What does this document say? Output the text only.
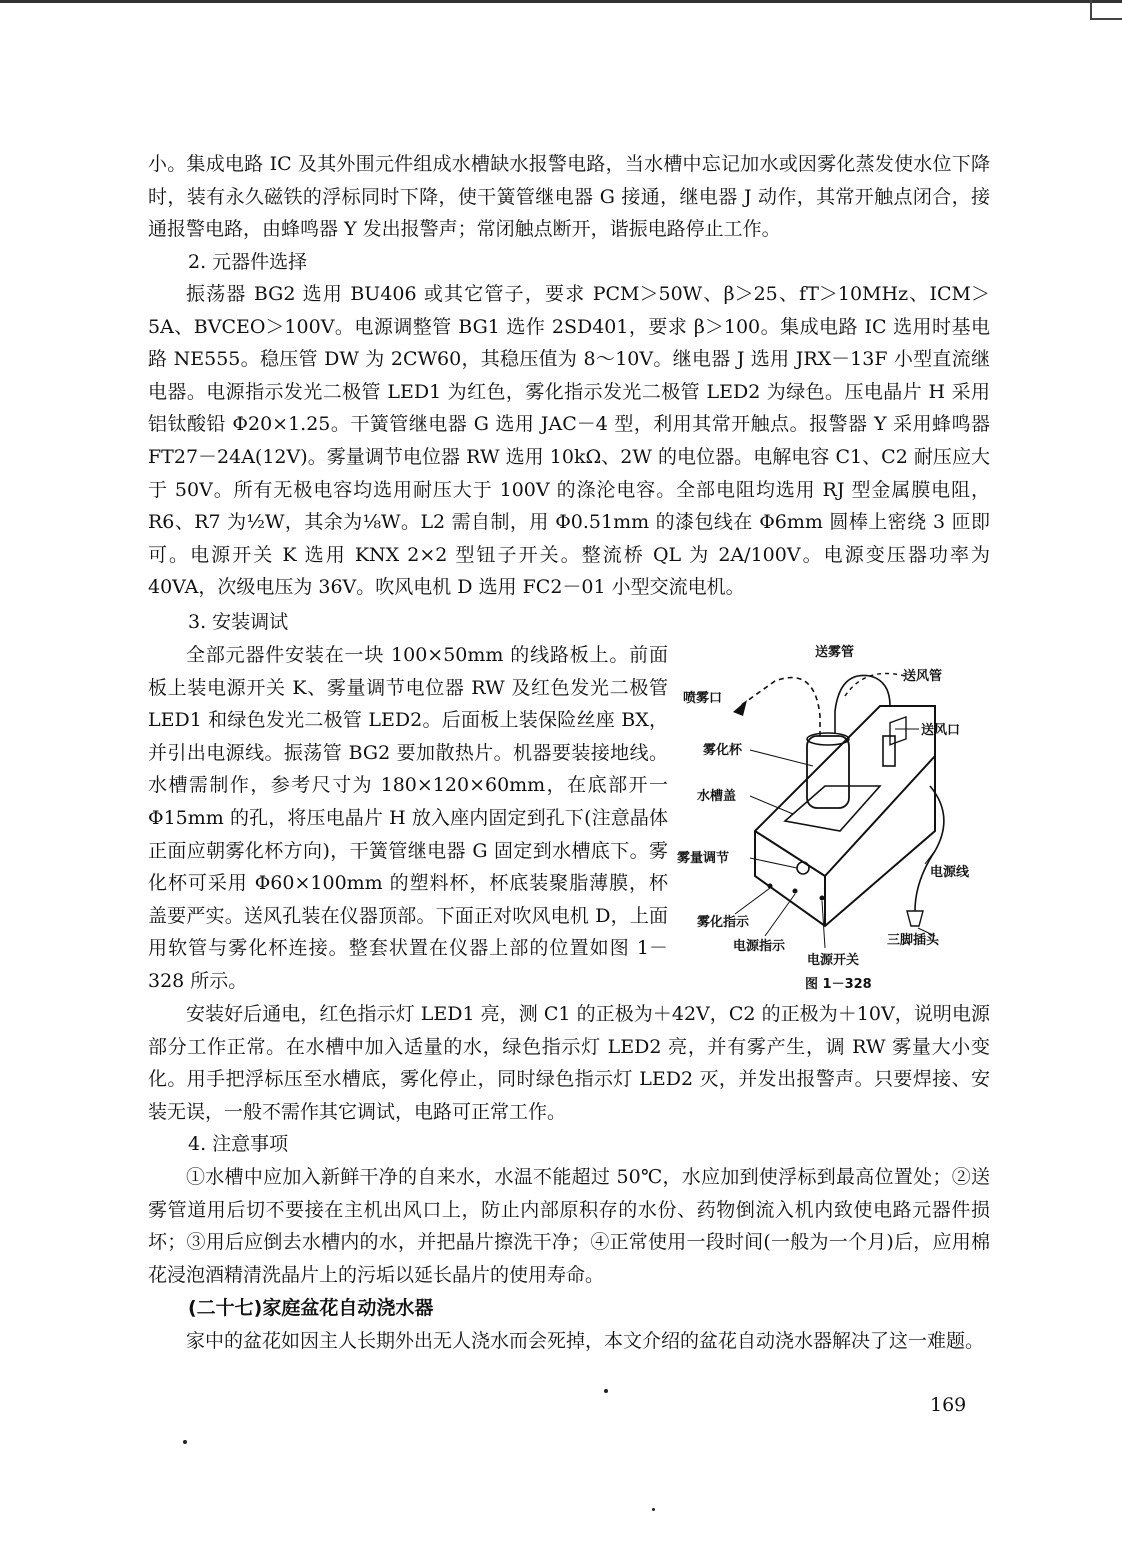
小。集成电路 IC 及其外围元件组成水槽缺水报警电路，当水槽中忘记加水或因雾化蒸发使水位下降时，装有永久磁铁的浮标同时下降，使干簧管继电器 G 接通，继电器 J 动作，其常开触点闭合，接通报警电路，由蜂鸣器 Y 发出报警声；常闭触点断开，谐振电路停止工作。

2. 元器件选择

振荡器 BG2 选用 BU406 或其它管子，要求 PCM＞50W、β＞25、fT＞10MHz、ICM＞5A、BVCEO＞100V。电源调整管 BG1 选作 2SD401，要求 β＞100。集成电路 IC 选用时基电路 NE555。稳压管 DW 为 2CW60，其稳压值为 8～10V。继电器 J 选用 JRX－13F 小型直流继电器。电源指示发光二极管 LED1 为红色，雾化指示发光二极管 LED2 为绿色。压电晶片 H 采用铝钛酸铅 Φ20×1.25。干簧管继电器 G 选用 JAC－4 型，利用其常开触点。报警器 Y 采用蜂鸣器 FT27－24A(12V)。雾量调节电位器 RW 选用 10kΩ、2W 的电位器。电解电容 C1、C2 耐压应大于 50V。所有无极电容均选用耐压大于 100V 的涤沦电容。全部电阻均选用 RJ 型金属膜电阻，R6、R7 为½W，其余为⅛W。L2 需自制，用 Φ0.51mm 的漆包线在 Φ6mm 圆棒上密绕 3 匝即可。电源开关 K 选用 KNX 2×2 型钮子开关。整流桥 QL 为 2A/100V。电源变压器功率为 40VA，次级电压为 36V。吹风电机 D 选用 FC2－01 小型交流电机。

3. 安装调试

全部元器件安装在一块 100×50mm 的线路板上。前面板上装电源开关 K、雾量调节电位器 RW 及红色发光二极管 LED1 和绿色发光二极管 LED2。后面板上装保险丝座 BX，并引出电源线。振荡管 BG2 要加散热片。机器要装接地线。水槽需制作，参考尺寸为 180×120×60mm，在底部开一 Φ15mm 的孔，将压电晶片 H 放入座内固定到孔下(注意晶体正面应朝雾化杯方向)，干簧管继电器 G 固定到水槽底下。雾化杯可采用 Φ60×100mm 的塑料杯，杯底装聚脂薄膜，杯盖要严实。送风孔装在仪器顶部。下面正对吹风电机 D，上面用软管与雾化杯连接。整套状置在仪器上部的位置如图 1－328 所示。

送雾管
送风管
喷雾口
送风口
雾化杯
水槽盖
雾量调节
电源线
雾化指示
电源指示
电源开关
三脚插头
图 1－328

安装好后通电，红色指示灯 LED1 亮，测 C1 的正极为＋42V，C2 的正极为＋10V，说明电源部分工作正常。在水槽中加入适量的水，绿色指示灯 LED2 亮，并有雾产生，调 RW 雾量大小变化。用手把浮标压至水槽底，雾化停止，同时绿色指示灯 LED2 灭，并发出报警声。只要焊接、安装无误，一般不需作其它调试，电路可正常工作。

4. 注意事项

①水槽中应加入新鲜干净的自来水，水温不能超过 50℃，水应加到使浮标到最高位置处；②送雾管道用后切不要接在主机出风口上，防止内部原积存的水份、药物倒流入机内致使电路元器件损坏；③用后应倒去水槽内的水，并把晶片擦洗干净；④正常使用一段时间(一般为一个月)后，应用棉花浸泡酒精清洗晶片上的污垢以延长晶片的使用寿命。

(二十七)家庭盆花自动浇水器

家中的盆花如因主人长期外出无人浇水而会死掉，本文介绍的盆花自动浇水器解决了这一难题。

169
